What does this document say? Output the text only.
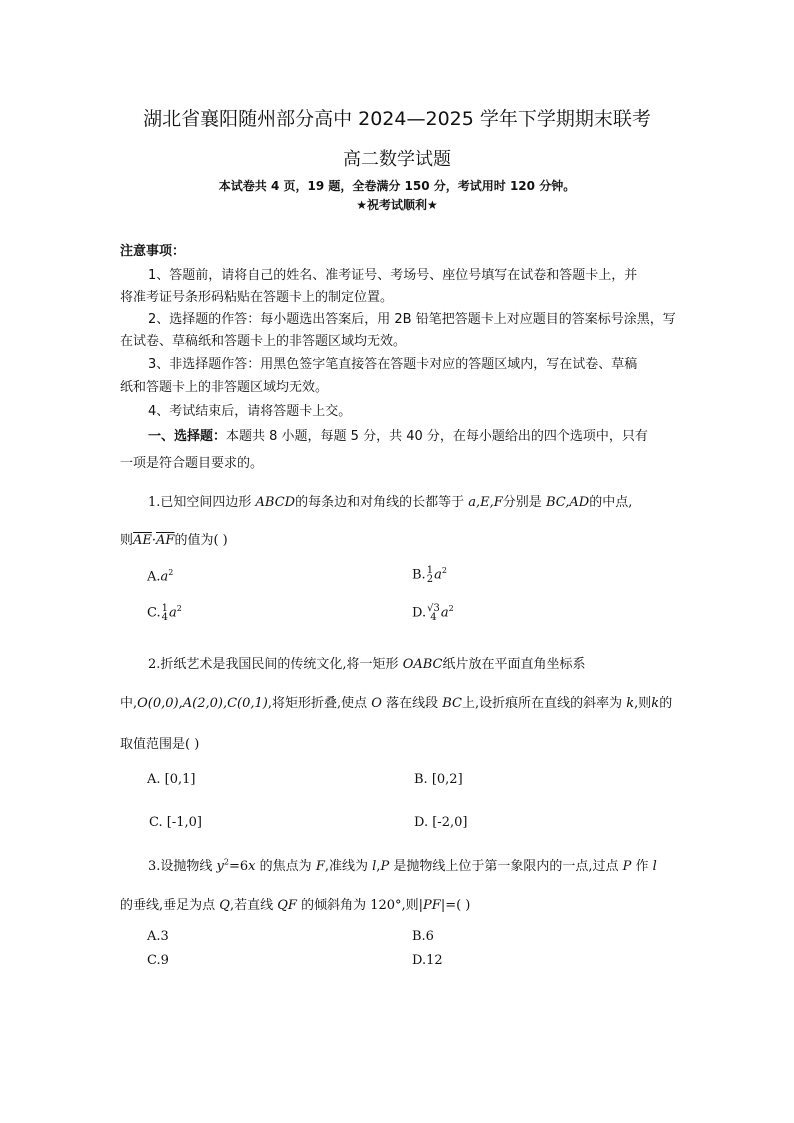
湖北省襄阳随州部分高中 2024—2025 学年下学期期末联考
高二数学试题
本试卷共 4 页，19 题，全卷满分 150 分，考试用时 120 分钟。
★祝考试顺利★
注意事项：
1、答题前，请将自己的姓名、准考证号、考场号、座位号填写在试卷和答题卡上，并
将准考证号条形码粘贴在答题卡上的制定位置。
2、选择题的作答：每小题选出答案后，用 2B 铅笔把答题卡上对应题目的答案标号涂黑，写
在试卷、草稿纸和答题卡上的非答题区域均无效。
3、非选择题作答：用黑色签字笔直接答在答题卡对应的答题区域内，写在试卷、草稿
纸和答题卡上的非答题区域均无效。
4、考试结束后，请将答题卡上交。
一、选择题：本题共 8 小题，每题 5 分，共 40 分，在每小题给出的四个选项中，只有
一项是符合题目要求的。
1.已知空间四边形 ABCD的每条边和对角线的长都等于 a,E,F分别是 BC,AD的中点,
则$\overline{AE}\cdot\overline{AF}$的值为( )
$A.a^2$	B. 1
2 $a^2$
C. 1
4 $a^2$	D. √3
4 $a^2$
2.折纸艺术是我国民间的传统文化,将一矩形 OABC纸片放在平面直角坐标系
中,O(0,0),A(2,0),C(0,1),将矩形折叠,使点 O 落在线段 BC上,设折痕所在直线的斜率为 k,则k的
取值范围是( )
A. [0,1]	B. [0,2]
C. [-1,0]	D. [-2,0]
3.设抛物线 $y^2=6x$ 的焦点为 F,准线为 l,P 是抛物线上位于第一象限内的一点,过点 P 作 l
的垂线,垂足为点 Q,若直线 QF 的倾斜角为 120°,则|PF|=( )
A.3	B.6
C.9	D.12
